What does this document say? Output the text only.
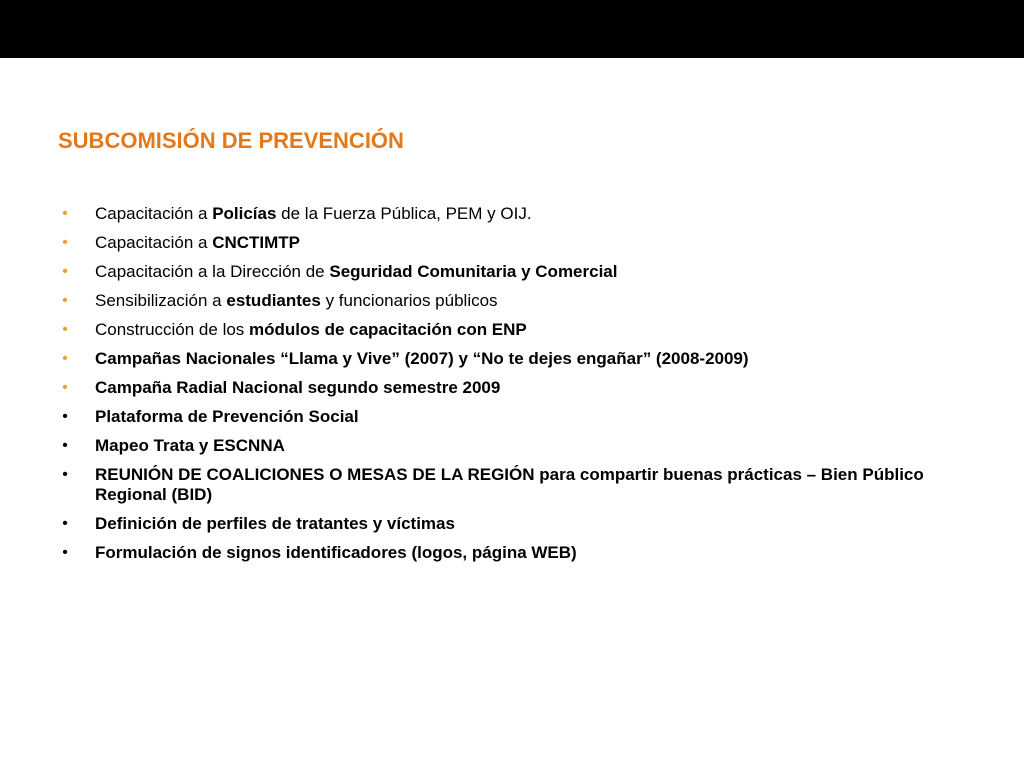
SUBCOMISIÓN DE PREVENCIÓN
• Capacitación a Policías de la Fuerza Pública, PEM y OIJ.
• Capacitación a CNCTIMTP
• Capacitación a la Dirección de Seguridad Comunitaria y Comercial
• Sensibilización a estudiantes y funcionarios públicos
• Construcción de los módulos de capacitación con ENP
• Campañas Nacionales “Llama y Vive” (2007) y “No te dejes engañar” (2008-2009)
• Campaña Radial Nacional segundo semestre 2009
• Plataforma de Prevención Social
• Mapeo Trata y ESCNNA
• REUNIÓN DE COALICIONES O MESAS DE LA REGIÓN para compartir buenas prácticas – Bien Público Regional (BID)
• Definición de perfiles de tratantes y víctimas
• Formulación de signos identificadores (logos, página WEB)
